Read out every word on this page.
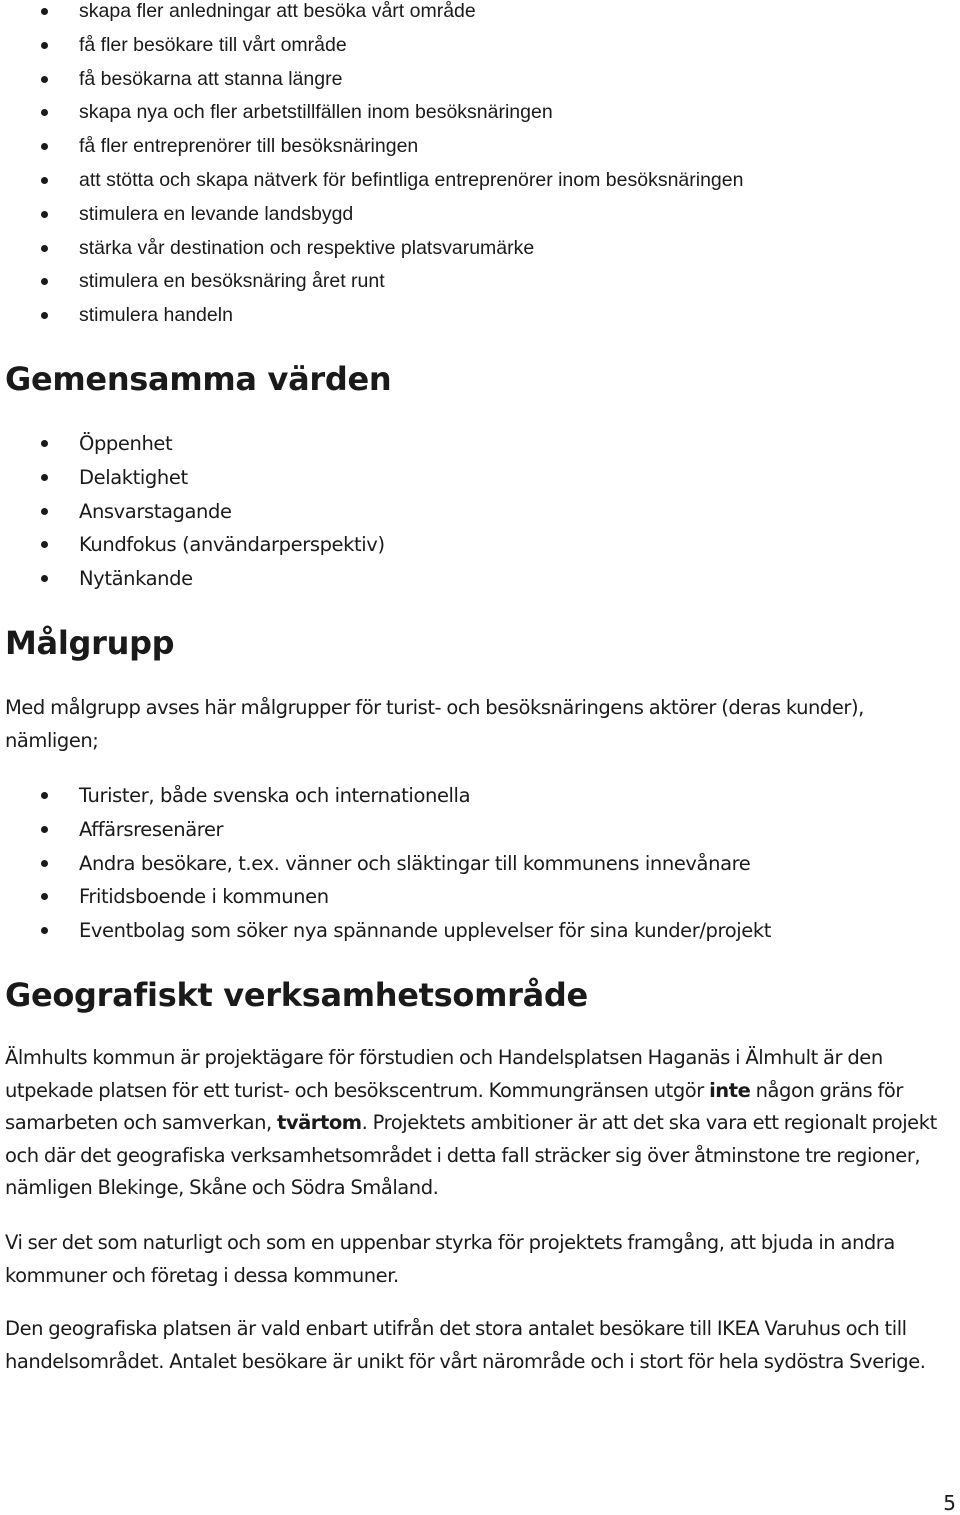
skapa fler anledningar att besöka vårt område
få fler besökare till vårt område
få besökarna att stanna längre
skapa nya och fler arbetstillfällen inom besöksnäringen
få fler entreprenörer till besöksnäringen
att stötta och skapa nätverk för befintliga entreprenörer inom besöksnäringen
stimulera en levande landsbygd
stärka vår destination och respektive platsvarumärke
stimulera en besöksnäring året runt
stimulera handeln
Gemensamma värden
Öppenhet
Delaktighet
Ansvarstagande
Kundfokus (användarperspektiv)
Nytänkande
Målgrupp

Med målgrupp avses här målgrupper för turist- och besöksnäringens aktörer (deras kunder), nämligen;

Turister, både svenska och internationella
Affärsresenärer
Andra besökare, t.ex. vänner och släktingar till kommunens innevånare
Fritidsboende i kommunen
Eventbolag som söker nya spännande upplevelser för sina kunder/projekt
Geografiskt verksamhetsområde

Älmhults kommun är projektägare för förstudien och Handelsplatsen Haganäs i Älmhult är den utpekade platsen för ett turist- och besökscentrum. Kommungränsen utgör inte någon gräns för samarbeten och samverkan, tvärtom. Projektets ambitioner är att det ska vara ett regionalt projekt och där det geografiska verksamhetsområdet i detta fall sträcker sig över åtminstone tre regioner, nämligen Blekinge, Skåne och Södra Småland.

Vi ser det som naturligt och som en uppenbar styrka för projektets framgång, att bjuda in andra kommuner och företag i dessa kommuner.

Den geografiska platsen är vald enbart utifrån det stora antalet besökare till IKEA Varuhus och till handelsområdet. Antalet besökare är unikt för vårt närområde och i stort för hela sydöstra Sverige.

5
